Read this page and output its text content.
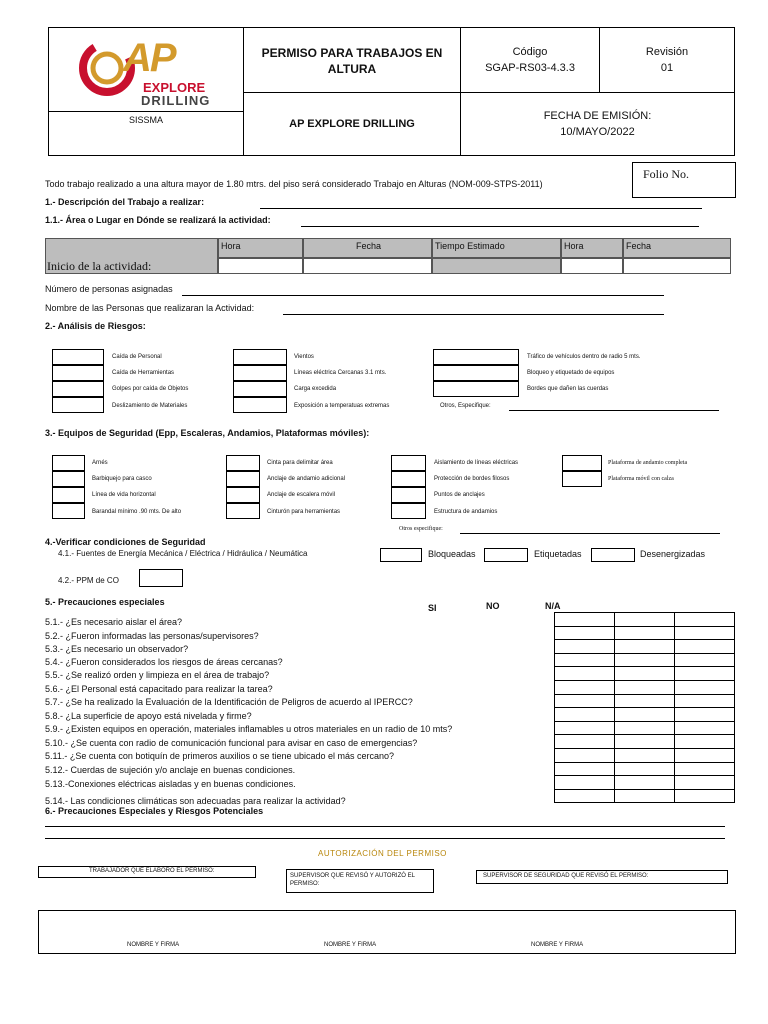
AP
EXPLORE
DRILLING
SISSMA
PERMISO PARA TRABAJOS EN ALTURA
Código
SGAP-RS03-4.3.3
Revisión
01
AP EXPLORE DRILLING
FECHA DE EMISIÓN:
10/MAYO/2022
Folio No.
Todo trabajo realizado a una altura mayor de 1.80 mtrs. del piso será considerado Trabajo en Alturas (NOM-009-STPS-2011)
1.- Descripción del Trabajo a realizar:
1.1.- Área o Lugar en Dónde se realizará la actividad:
Inicio de la actividad:
Hora	Fecha	Tiempo Estimado	Hora	Fecha
Número de personas asignadas
Nombre de las Personas que realizaran la Actividad:
2.- Análisis de Riesgos:
Caída de Personal
Caída de Herramientas
Golpes por caída de Objetos
Deslizamiento de Materiales
Vientos
Líneas eléctrica Cercanas 3.1 mts.
Carga excedida
Exposición a temperatuas extremas
Tráfico de vehículos dentro de radio 5 mts.
Bloqueo y etiquetado de equipos
Bordes que dañen las cuerdas
Otros, Especifique:
3.- Equipos de Seguridad (Epp, Escaleras, Andamios, Plataformas móviles):
Arnés
Barbiquejo para casco
Línea de vida horizontal
Barandal mínimo .90 mts. De alto
Cinta para delimitar área
Anclaje de andamio adicional
Anclaje de escalera móvil
Cinturón para herramientas
Aislamiento de líneas eléctricas
Protección de bordes filosos
Puntos de anclajes
Estructura de andamios
Plataforma de andamio completa
Plataforma móvil con calza
Otros especifique:
4.-Verificar condiciones de Seguridad
4.1.- Fuentes de Energía Mecánica / Eléctrica / Hidráulica / Neumática	Bloqueadas	Etiquetadas	Desenergizadas
4.2.- PPM de CO
5.- Precauciones especiales
SI	NO	N/A
5.1.- ¿Es necesario aislar el área?
5.2.- ¿Fueron informadas las personas/supervisores?
5.3.- ¿Es necesario un observador?
5.4.- ¿Fueron considerados los riesgos de áreas cercanas?
5.5.- ¿Se realizó orden y limpieza en el área de trabajo?
5.6.- ¿El Personal está capacitado para realizar la tarea?
5.7.- ¿Se ha realizado la Evaluación de la Identificación de Peligros de acuerdo al IPERCC?
5.8.- ¿La superficie de apoyo está nivelada y firme?
5.9.- ¿Existen equipos en operación, materiales inflamables u otros materiales en un radio de 10 mts?
5.10.- ¿Se cuenta con radio de comunicación funcional para avisar en caso de emergencias?
5.11.- ¿Se cuenta con botiquín de primeros auxilios o se tiene ubicado el más cercano?
5.12.- Cuerdas de sujeción y/o anclaje en buenas condiciones.
5.13.-Conexiones eléctricas aisladas y en buenas condiciones.
5.14.- Las condiciones climáticas son adecuadas para realizar la actividad?
6.- Precauciones Especiales y Riesgos Potenciales
AUTORIZACIÓN DEL PERMISO
TRABAJADOR QUE ELABORÓ EL PERMISO:
SUPERVISOR QUE REVISÓ Y AUTORIZÓ EL PERMISO:
SUPERVISOR DE SEGURIDAD QUE REVISÓ EL PERMISO:
NOMBRE Y FIRMA	NOMBRE Y FIRMA	NOMBRE Y FIRMA
